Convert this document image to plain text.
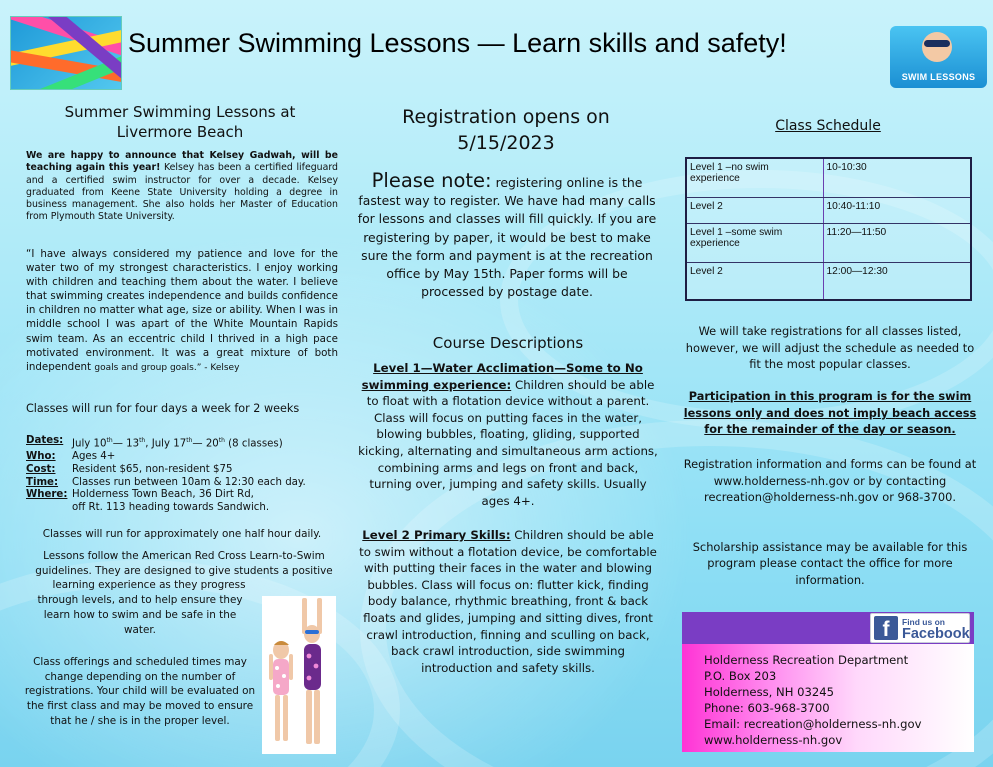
Summer Swimming Lessons — Learn skills and safety!
SWIM LESSONS
Summer Swimming Lessons at
Livermore Beach
We are happy to announce that Kelsey Gadwah, will be teaching again this year! Kelsey has been a certified lifeguard and a certified swim instructor for over a decade. Kelsey graduated from Keene State University holding a degree in business management. She also holds her Master of Education from Plymouth State University.
“I have always considered my patience and love for the water two of my strongest characteristics. I enjoy working with children and teaching them about the water. I believe that swimming creates independence and builds confidence in children no matter what age, size or ability. When I was in middle school I was apart of the White Mountain Rapids swim team. As an eccentric child I thrived in a high pace motivated environment. It was a great mixture of both independent goals and group goals.” - Kelsey
Classes will run for four days a week for 2 weeks
Dates: July 10th— 13th, July 17th— 20th (8 classes)
Who:	Ages 4+
Cost:	Resident $65, non-resident $75
Time:	Classes run between 10am & 12:30 each day.
Where: Holderness Town Beach, 36 Dirt Rd,
off Rt. 113 heading towards Sandwich.
Classes will run for approximately one half hour daily.
Lessons follow the American Red Cross Learn-to-Swim
guidelines. They are designed to give students a positive
learning experience as they progress
through levels, and to help ensure they
learn how to swim and be safe in the
water.
Class offerings and scheduled times may change depending on the number of registrations. Your child will be evaluated on the first class and may be moved to ensure that he / she is in the proper level.
Registration opens on
5/15/2023
Please note: registering online is the fastest way to register. We have had many calls for lessons and classes will fill quickly. If you are registering by paper, it would be best to make sure the form and payment is at the recreation office by May 15th. Paper forms will be processed by postage date.
Course Descriptions
Level 1—Water Acclimation—Some to No swimming experience: Children should be able to float with a flotation device without a parent. Class will focus on putting faces in the water, blowing bubbles, floating, gliding, supported kicking, alternating and simultaneous arm actions, combining arms and legs on front and back, turning over, jumping and safety skills. Usually ages 4+.
Level 2 Primary Skills: Children should be able to swim without a flotation device, be comfortable with putting their faces in the water and blowing bubbles. Class will focus on: flutter kick, finding body balance, rhythmic breathing, front & back floats and glides, jumping and sitting dives, front crawl introduction, finning and sculling on back, back crawl introduction, side swimming introduction and safety skills.
Class Schedule
Level 1 –no swim experience	10-10:30
Level 2	10:40-11:10
Level 1 –some swim experience	11:20—11:50
Level 2	12:00—12:30
We will take registrations for all classes listed, however, we will adjust the schedule as needed to fit the most popular classes.
Participation in this program is for the swim lessons only and does not imply beach access for the remainder of the day or season.
Registration information and forms can be found at www.holderness-nh.gov or by contacting recreation@holderness-nh.gov or 968-3700.
Scholarship assistance may be available for this program please contact the office for more information.
f	Find us on
Facebook
Holderness Recreation Department
P.O. Box 203
Holderness, NH 03245
Phone: 603-968-3700
Email: recreation@holderness-nh.gov
www.holderness-nh.gov
